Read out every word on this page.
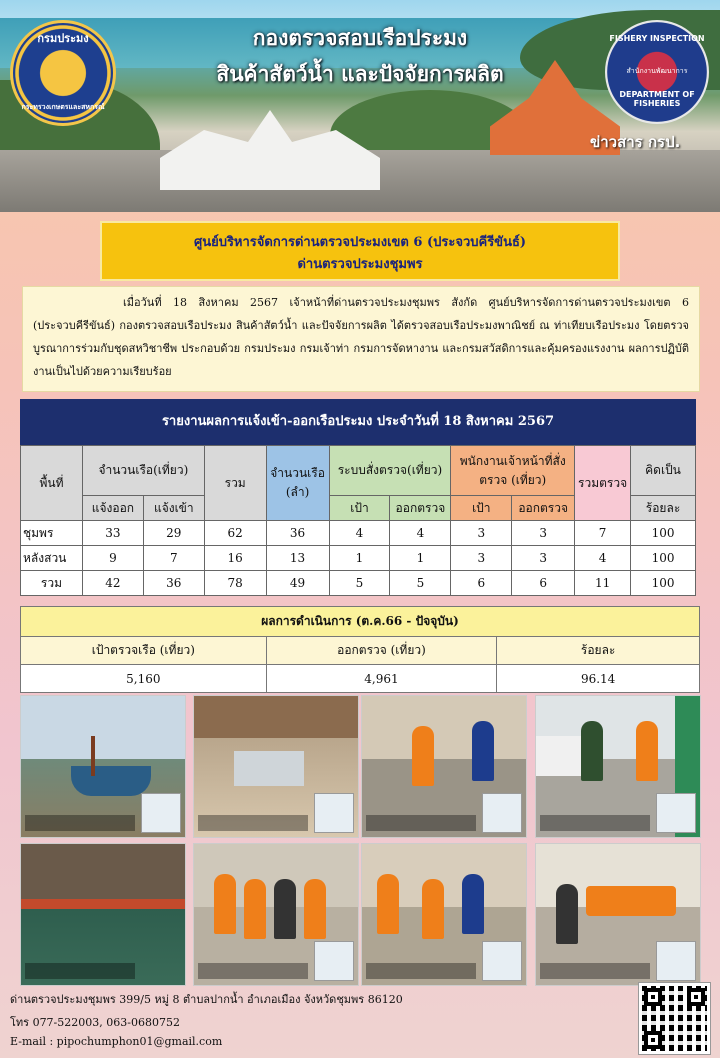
กรมประมง
กระทรวงเกษตรและสหกรณ์
กองตรวจสอบเรือประมง
สินค้าสัตว์น้ำ และปัจจัยการผลิต
FISHERY INSPECTION
สำนักงานพัฒนาการ
DEPARTMENT OF FISHERIES
ข่าวสาร กรป.
ศูนย์บริหารจัดการด่านตรวจประมงเขต 6 (ประจวบคีรีขันธ์)
ด่านตรวจประมงชุมพร
เมื่อวันที่ 18 สิงหาคม 2567 เจ้าหน้าที่ด่านตรวจประมงชุมพร สังกัด ศูนย์บริหารจัดการด่านตรวจประมงเขต 6 (ประจวบคีรีขันธ์) กองตรวจสอบเรือประมง สินค้าสัตว์น้ำ และปัจจัยการผลิต ได้ตรวจสอบเรือประมงพาณิชย์ ณ ท่าเทียบเรือประมง โดยตรวจบูรณาการร่วมกับชุดสหวิชาชีพ ประกอบด้วย กรมประมง กรมเจ้าท่า กรมการจัดหางาน และกรมสวัสดิการและคุ้มครองแรงงาน ผลการปฏิบัติงานเป็นไปด้วยความเรียบร้อย
รายงานผลการแจ้งเข้า-ออกเรือประมง ประจำวันที่ 18 สิงหาคม 2567
พื้นที่	จำนวนเรือ(เที่ยว)		รวม	จำนวนเรือ (ลำ)	ระบบสั่งตรวจ(เที่ยว)		พนักงานเจ้าหน้าที่สั่งตรวจ (เที่ยว)		รวมตรวจ	คิดเป็น
	แจ้งออก	แจ้งเข้า			เป้า	ออกตรวจ	เป้า	ออกตรวจ		ร้อยละ
ชุมพร	33	29	62	36	4	4	3	3	7	100
หลังสวน	9	7	16	13	1	1	3	3	4	100
รวม	42	36	78	49	5	5	6	6	11	100
ผลการดำเนินการ (ต.ค.66 - ปัจจุบัน)		
เป้าตรวจเรือ (เที่ยว)	ออกตรวจ (เที่ยว)	ร้อยละ
5,160	4,961	96.14
ด่านตรวจประมงชุมพร 399/5 หมู่ 8 ตำบลปากน้ำ อำเภอเมือง จังหวัดชุมพร 86120
โทร 077-522003, 063-0680752
E-mail : pipochumphon01@gmail.com
